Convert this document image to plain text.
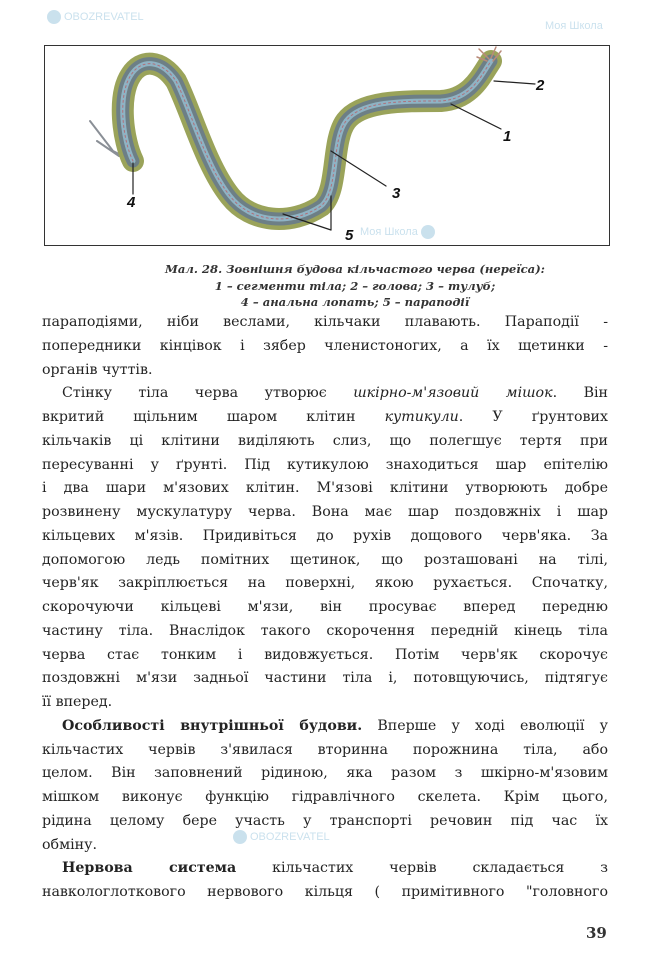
1
2
3
4
5
Мал. 28. Зовнішня будова кільчастого черва (нереїса):
1 – сегменти тіла; 2 – голова; 3 – тулуб;
4 – анальна лопать; 5 – параподії
параподіями, ніби веслами, кільчаки плавають. Параподії -
попередники кінцівок і зябер членистоногих, а їх щетинки -
органів чуттів.
Стінку тіла черва утворює шкірно-м'язовий мішок. Він
вкритий щільним шаром клітин кутикули. У ґрунтових
кільчаків ці клітини виділяють слиз, що полегшує тертя при
пересуванні у ґрунті. Під кутикулою знаходиться шар епітелію
і два шари м'язових клітин. М'язові клітини утворюють добре
розвинену мускулатуру черва. Вона має шар поздовжніх і шар
кільцевих м'язів. Придивіться до рухів дощового черв'яка. За
допомогою ледь помітних щетинок, що розташовані на тілі,
черв'як закріплюється на поверхні, якою рухається. Спочатку,
скорочуючи кільцеві м'язи, він просуває вперед передню
частину тіла. Внаслідок такого скорочення передній кінець тіла
черва стає тонким і видовжується. Потім черв'як скорочує
поздовжні м'язи задньої частини тіла і, потовщуючись, підтягує
її вперед.
Особливості внутрішньої будови. Вперше у ході еволюції у
кільчастих червів з'явилася вторинна порожнина тіла, або
целом. Він заповнений рідиною, яка разом з шкірно-м'язовим
мішком виконує функцію гідравлічного скелета. Крім цього,
рідина целому бере участь у транспорті речовин під час їх
обміну.
Нервова система кільчастих червів складається з
навкологлоткового нервового кільця ( примітивного "головного
39
OBOZREVATEL
Моя Школа
OBOZREVATEL
Моя Школа
